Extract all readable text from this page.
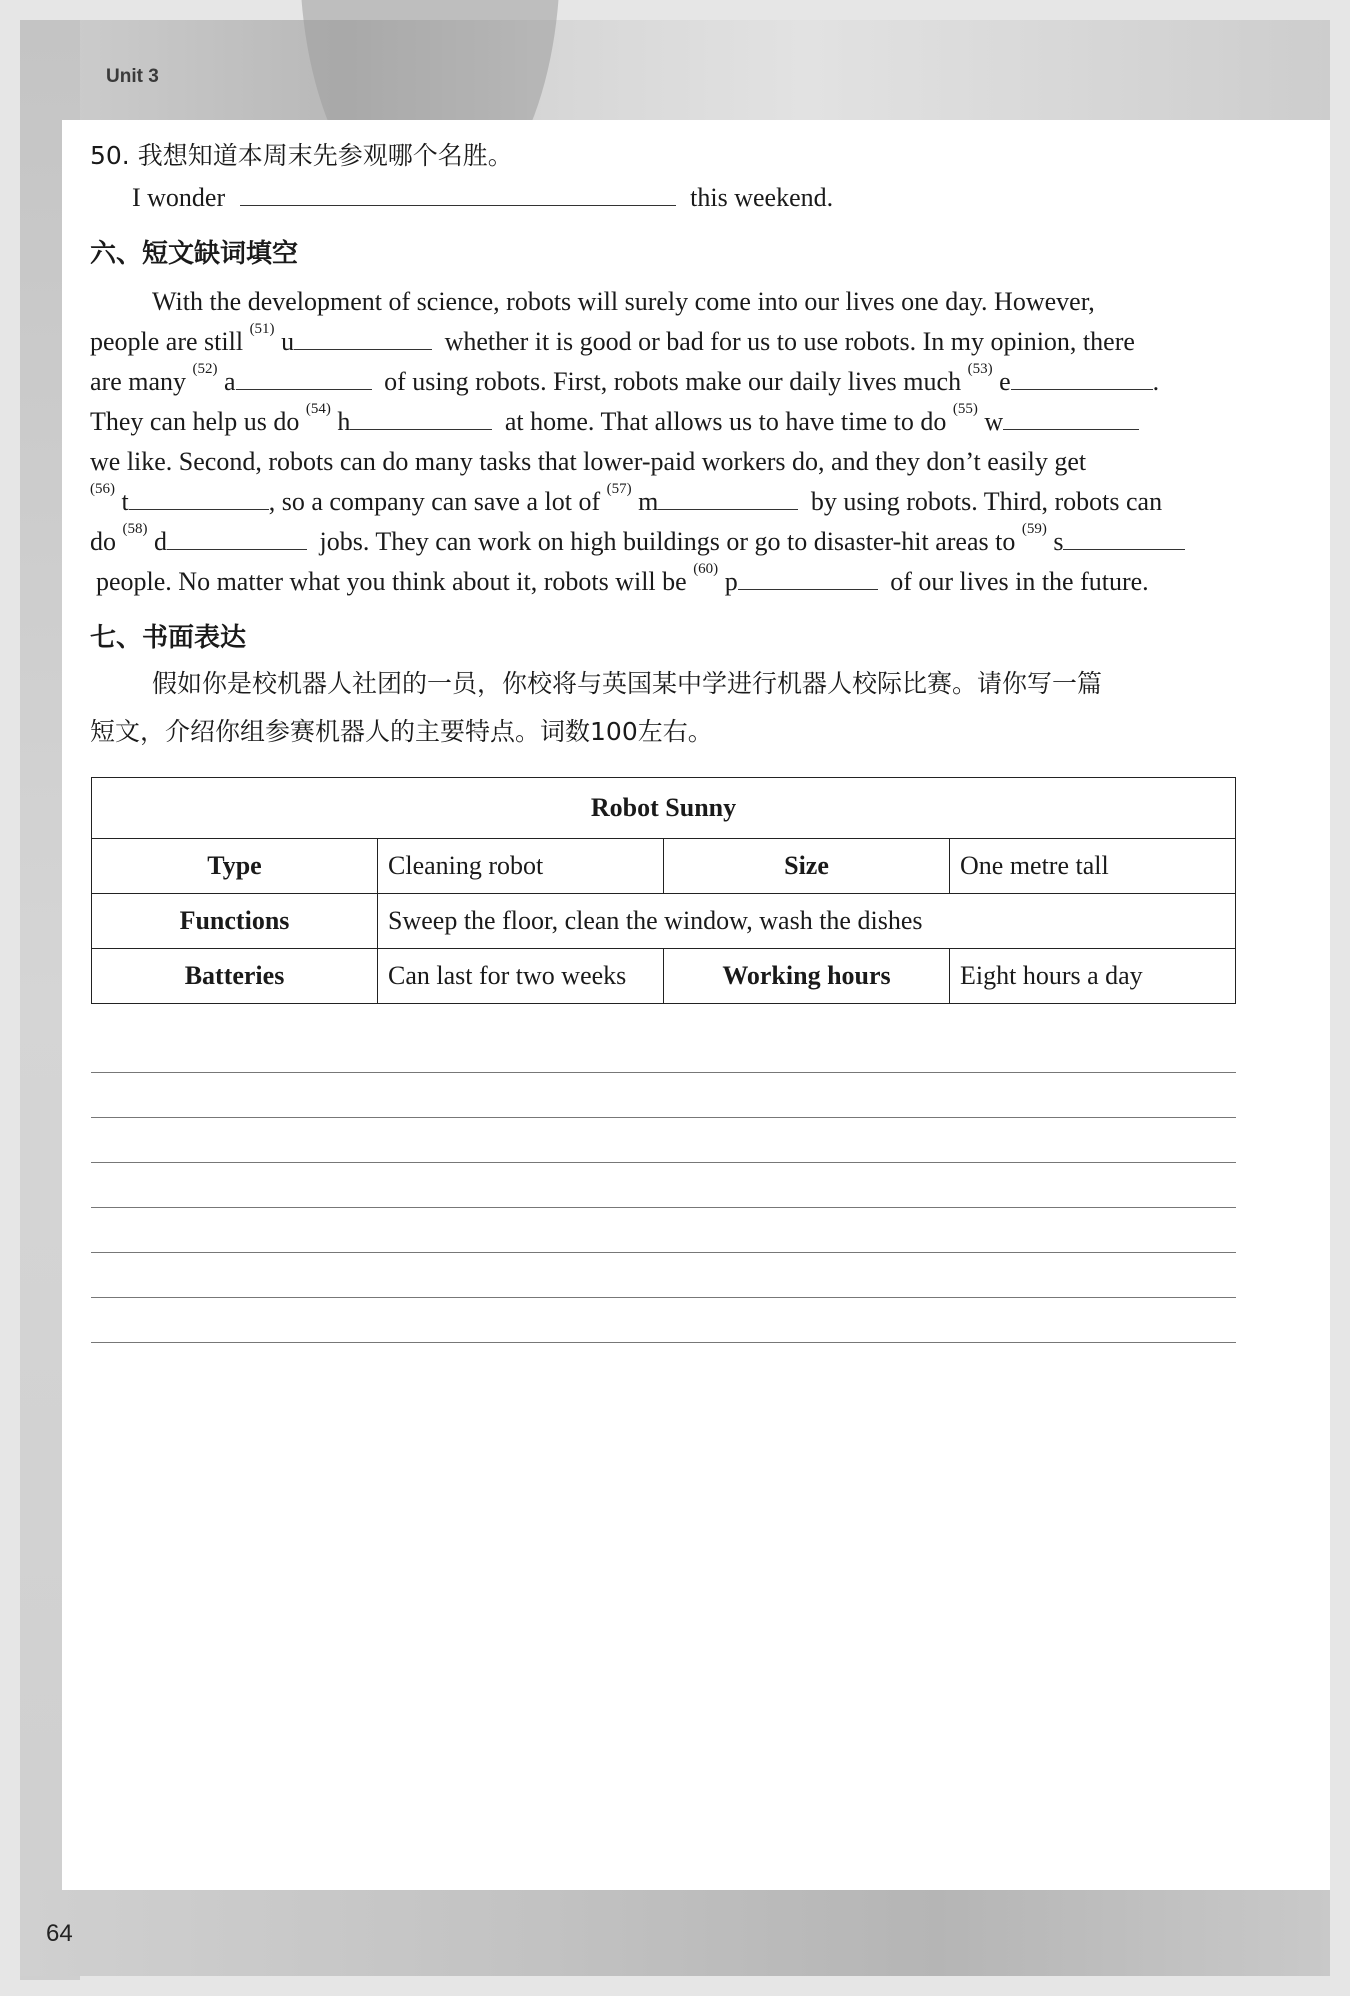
Unit 3
50. 我想知道本周末先参观哪个名胜。
I wonder	this weekend.
六、短文缺词填空
With the development of science, robots will surely come into our lives one day. However,
people are still $^{(51)}$ u	whether it is good or bad for us to use robots. In my opinion, there
are many $^{(52)}$ a	of using robots. First, robots make our daily lives much $^{(53)}$ e	.
They can help us do $^{(54)}$ h	at home. That allows us to have time to do $^{(55)}$ w
we like. Second, robots can do many tasks that lower-paid workers do, and they don’t easily get
$^{(56)}$ t	, so a company can save a lot of $^{(57)}$ m	by using robots. Third, robots can
do $^{(58)}$ d	jobs. They can work on high buildings or go to disaster-hit areas to $^{(59)}$ s
people. No matter what you think about it, robots will be $^{(60)}$ p	of our lives in the future.
七、书面表达
假如你是校机器人社团的一员，你校将与英国某中学进行机器人校际比赛。请你写一篇
短文，介绍你组参赛机器人的主要特点。词数100左右。
Robot Sunny			
Type	Cleaning robot	Size	One metre tall
Functions	Sweep the floor, clean the window, wash the dishes		
Batteries	Can last for two weeks	Working hours	Eight hours a day
64
